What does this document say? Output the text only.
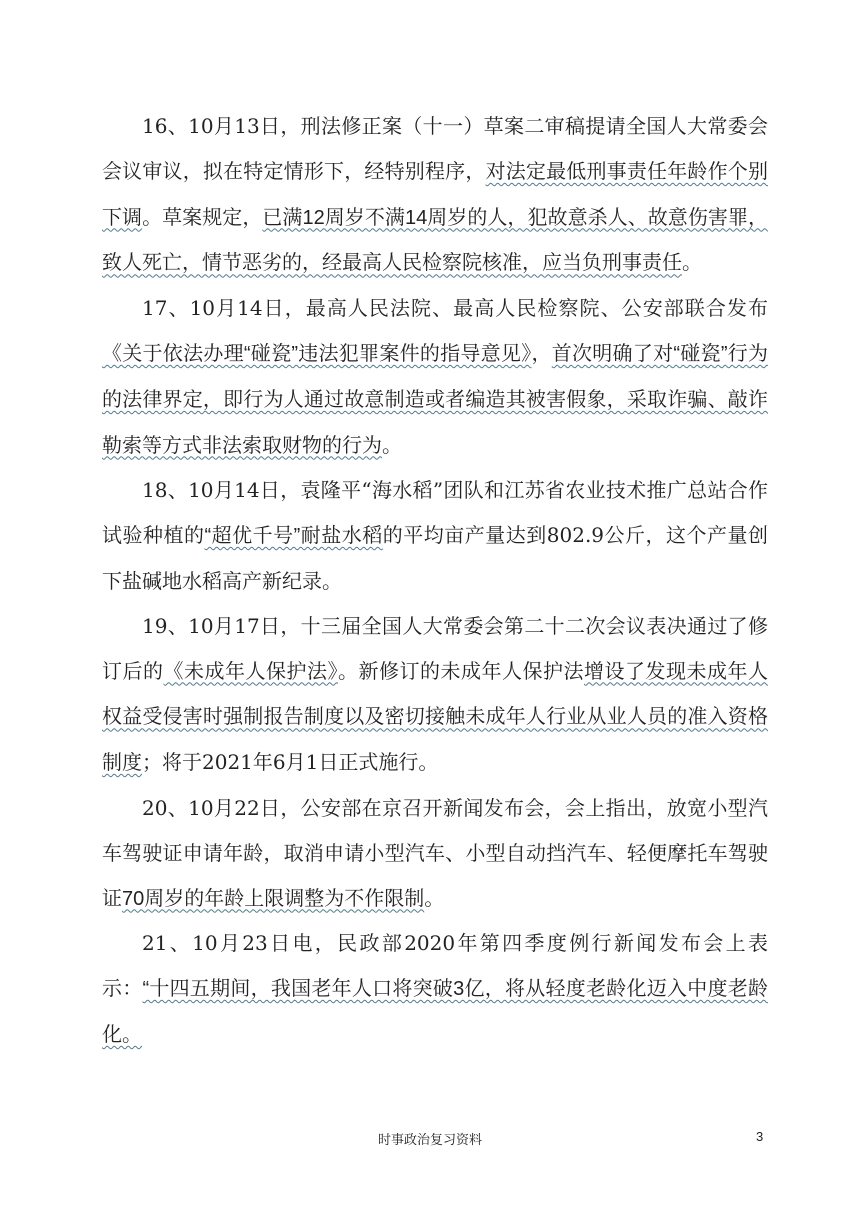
16、10月13日，刑法修正案（十一）草案二审稿提请全国人大常委会会议审议，拟在特定情形下，经特别程序，对法定最低刑事责任年龄作个别下调。草案规定，已满12周岁不满14周岁的人，犯故意杀人、故意伤害罪，致人死亡，情节恶劣的，经最高人民检察院核准，应当负刑事责任。

17、10月14日，最高人民法院、最高人民检察院、公安部联合发布《关于依法办理“碰瓷”违法犯罪案件的指导意见》，首次明确了对“碰瓷”行为的法律界定，即行为人通过故意制造或者编造其被害假象，采取诈骗、敲诈勒索等方式非法索取财物的行为。

18、10月14日，袁隆平“海水稻”团队和江苏省农业技术推广总站合作试验种植的“超优千号”耐盐水稻的平均亩产量达到802.9公斤，这个产量创下盐碱地水稻高产新纪录。

19、10月17日，十三届全国人大常委会第二十二次会议表决通过了修订后的《未成年人保护法》。新修订的未成年人保护法增设了发现未成年人权益受侵害时强制报告制度以及密切接触未成年人行业从业人员的准入资格制度；将于2021年6月1日正式施行。

20、10月22日，公安部在京召开新闻发布会，会上指出，放宽小型汽车驾驶证申请年龄，取消申请小型汽车、小型自动挡汽车、轻便摩托车驾驶证70周岁的年龄上限调整为不作限制。

21、10月23日电，民政部2020年第四季度例行新闻发布会上表示：“十四五期间，我国老年人口将突破3亿，将从轻度老龄化迈入中度老龄化。

时事政治复习资料	3
